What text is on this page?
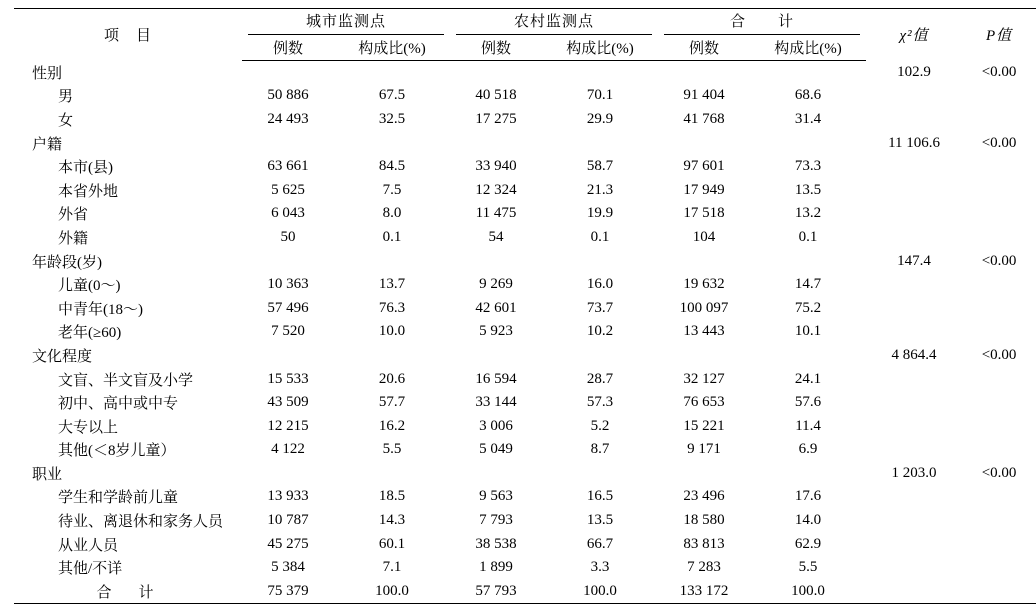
项　目	城市监测点		农村监测点		合　　计		χ²值	P值
	例数	构成比(%)	例数	构成比(%)	例数	构成比(%)		
性别							102.9	<0.00
男	50 886	67.5	40 518	70.1	91 404	68.6		
女	24 493	32.5	17 275	29.9	41 768	31.4		
户籍							11 106.6	<0.00
本市(县)	63 661	84.5	33 940	58.7	97 601	73.3		
本省外地	5 625	7.5	12 324	21.3	17 949	13.5		
外省	6 043	8.0	11 475	19.9	17 518	13.2		
外籍	50	0.1	54	0.1	104	0.1		
年龄段(岁)							147.4	<0.00
儿童(0～)	10 363	13.7	9 269	16.0	19 632	14.7		
中青年(18～)	57 496	76.3	42 601	73.7	100 097	75.2		
老年(≥60)	7 520	10.0	5 923	10.2	13 443	10.1		
文化程度							4 864.4	<0.00
文盲、半文盲及小学	15 533	20.6	16 594	28.7	32 127	24.1		
初中、高中或中专	43 509	57.7	33 144	57.3	76 653	57.6		
大专以上	12 215	16.2	3 006	5.2	15 221	11.4		
其他(＜8岁儿童）	4 122	5.5	5 049	8.7	9 171	6.9		
职业							1 203.0	<0.00
学生和学龄前儿童	13 933	18.5	9 563	16.5	23 496	17.6		
待业、离退休和家务人员	10 787	14.3	7 793	13.5	18 580	14.0		
从业人员	45 275	60.1	38 538	66.7	83 813	62.9		
其他/不详	5 384	7.1	1 899	3.3	7 283	5.5		
合　计	75 379	100.0	57 793	100.0	133 172	100.0		
